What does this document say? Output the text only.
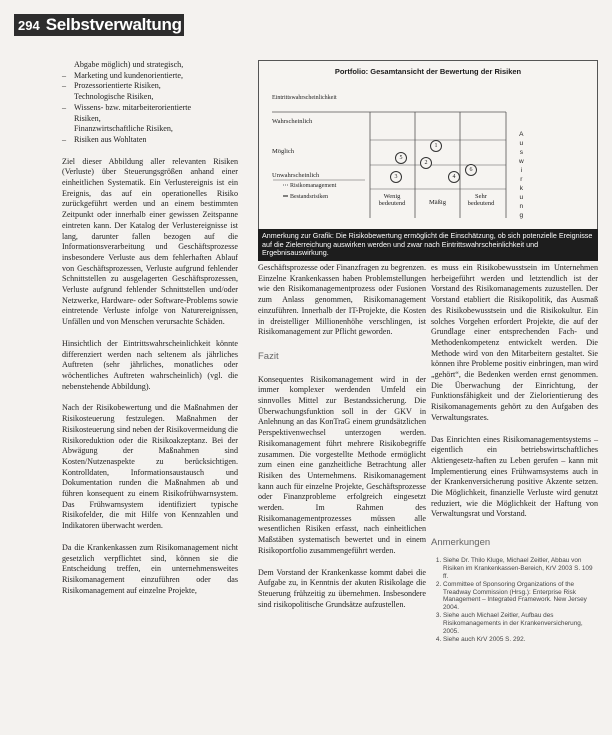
294 Selbstverwaltung
Abgabe möglich) und strategisch,
– Marketing und kundenorientierte,
– Prozessorientierte Risiken,
Technologische Risiken,
– Wissens- bzw. mitarbeiterorientierte
Risiken,
Finanzwirtschaftliche Risiken,
– Risiken aus Wohltaten

Ziel dieser Abbildung aller relevanten Risiken (Verluste) über Steuerungsgrößen anhand einer einheitlichen Systematik. Ein Verlustereignis ist ein Ereignis, das auf ein operationelles Risiko zurückgeführt werden und an einem bestimmten Zeitpunkt oder innerhalb einer gewissen Zeitspanne eintreten kann. Der Katalog der Verlustereignisse ist lang, darunter fallen bezogen auf die Informationsverarbeitung und Geschäftsprozesse insbesondere Verluste aus dem fehlerhaften Ablauf von Geschäftsprozessen, Verluste aufgrund fehlender Schnittstellen zu ausgelagerten Geschäftsprozessen, Verluste aufgrund fehlender Schnittstellen und/oder Netzwerke, Hardware- oder Software-Problems sowie eintretende Verluste infolge von Naturereignissen, Unfällen und von Menschen verursachte Schäden.

Hinsichtlich der Eintrittswahrscheinlichkeit könnte differenziert werden nach seltenem als jährliches Auftreten (sehr jährliches, monatliches oder wöchentliches Auftreten wahrscheinlich) (vgl. die nebenstehende Abbildung).

Nach der Risikobewertung und die Maßnahmen der Risikosteuerung festzulegen. Maßnahmen der Risikosteuerung sind neben der Risikovermeidung die Risikoreduktion oder die Risikoakzeptanz. Bei der Abwägung der Maßnahmen sind Kosten/Nutzenaspekte zu berücksichtigen. Kontrolldaten, Informationsaustausch und Dokumentation runden die Maßnahmen ab und führen konsequent zu einem Risikofrühwarnsystem. Das Frühwarnsystem identifiziert typische Risikofelder, die mit Hilfe von Kennzahlen und Indikatoren überwacht werden.

Da die Krankenkassen zum Risikomanagement nicht gesetzlich verpflichtet sind, können sie die Entscheidung treffen, ein unternehmensweites Risikomanagement einzuführen oder das Risikomanagement auf einzelne Projekte,

Portfolio: Gesamtansicht der Bewertung der Risiken
Eintrittswahrscheinlichkeit
Wahrscheinlich
Möglich
Unwahrscheinlich
Risikomanagement
Bestandsrisiken	Wenig bedeutend	Mäßig
Sehr bedeutend
1
2
3	4
5
6
A
u
s
w
i
r
k
u
n
g
Anmerkung zur Grafik: Die Risikobewertung ermöglicht die Einschätzung, ob sich potenzielle Ereignisse auf die Zielerreichung auswirken werden und zwar nach Eintrittswahrscheinlichkeit und Ergebnisauswirkung.

Geschäftsprozesse oder Finanzfragen zu begrenzen. Einzelne Krankenkassen haben Problemstellungen wie den Risikomanagementprozess oder Fusionen zum Anlass genommen, Risikomanagement einzuführen. Innerhalb der IT-Projekte, die Kosten in dreistelliger Millionenhöhe verschlingen, ist Risikomanagement zur Pflicht geworden.

Fazit

Konsequentes Risikomanagement wird in der immer komplexer werdenden Umfeld ein sinnvolles Mittel zur Bestandssicherung. Die Überwachungsfunktion soll in der GKV in Anlehnung an das KonTraG einem grundsätzlichen Perspektivenwechsel unterzogen werden. Risikomanagement führt mehrere Risikobegriffe zusammen. Die vorgestellte Methode ermöglicht zum einen eine ganzheitliche Betrachtung aller Risiken des Unternehmens. Risikomanagement kann auch für einzelne Projekte, Geschäftsprozesse oder Finanzprobleme erfolgreich eingesetzt werden. Im Rahmen des Risikomanagementprozesses müssen alle wesentlichen Risiken erfasst, nach einheitlichen Maßstäben systematisch bewertet und in einem Risikoportfolio zusammengeführt werden.

Dem Vorstand der Krankenkasse kommt dabei die Aufgabe zu, in Kenntnis der akuten Risikolage die Steuerung frühzeitig zu übernehmen. Insbesondere sind risikopolitische Grundsätze aufzustellen.

es muss ein Risikobewusstsein im Unternehmen herbeigeführt werden und letztendlich ist der Vorstand des Risikomanagements zuzustellen. Der Vorstand etabliert die Risikopolitik, das Ausmaß des Risikobewusstsein und die Risikokultur. Ein solches Vorgehen erfordert Projekte, die auf der Grundlage einer entsprechenden Fach- und Methodenkompetenz entwickelt werden. Die Methode wird von den Mitarbeitern gestaltet. Sie können ihre Probleme positiv einbringen, man wird „gehört“, die Bedenken werden ernst genommen. Die Überwachung der Einrichtung, der Funktionsfähigkeit und der Zielorientierung des Risikomanagements gehört zu den Aufgaben des Verwaltungsrates.

Das Einrichten eines Risikomanagementsystems – eigentlich ein betriebswirtschaftliches Aktiengesetz-haften zu Leben gerufen – kann mit Implementierung eines Frühwarnsystems auch in der Krankenversicherung positive Akzente setzen. Die Möglichkeit, finanzielle Verluste wird genutzt reduziert, wie die Möglichkeit der Haftung von Verwaltungsrat und Vorstand.

Anmerkungen
1. Siehe Dr. Thilo Kluge, Michael Zeitler, Abbau von Risiken im Krankenkassen-Bereich, KrV 2003 S. 109 ff.
2. Committee of Sponsoring Organizations of the Treadway Commission (Hrsg.): Enterprise Risk Management – Integrated Framework. New Jersey 2004.
3. Siehe auch Michael Zeitler, Aufbau des Risikomanagements in der Krankenversicherung, 2005.
4. Siehe auch KrV 2005 S. 292.
